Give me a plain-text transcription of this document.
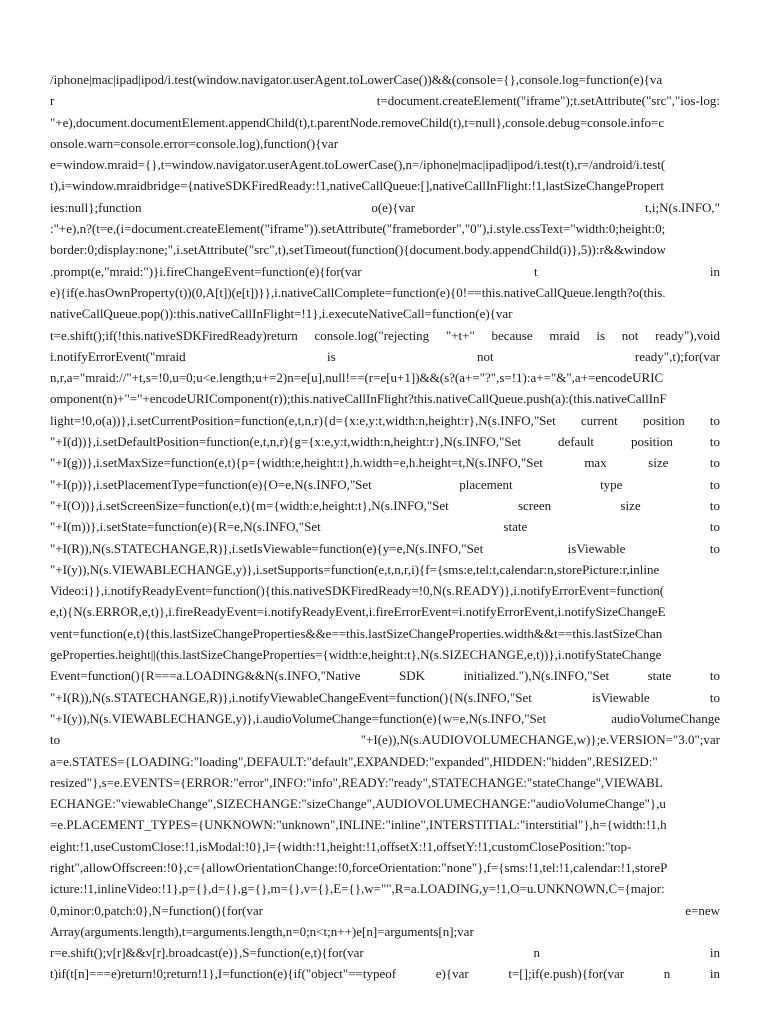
/iphone|mac|ipad|ipod/i.test(window.navigator.userAgent.toLowerCase())&&(console={},console.log=function(e){va
r t=document.createElement("iframe");t.setAttribute("src","ios-log:
"+e),document.documentElement.appendChild(t),t.parentNode.removeChild(t),t=null},console.debug=console.info=c
onsole.warn=console.error=console.log),function(){var
e=window.mraid={},t=window.navigator.userAgent.toLowerCase(),n=/iphone|mac|ipad|ipod/i.test(t),r=/android/i.test(
t),i=window.mraidbridge={nativeSDKFiredReady:!1,nativeCallQueue:[],nativeCallInFlight:!1,lastSizeChangePropert
ies:null};function o(e){var t,i;N(s.INFO,"
:"+e),n?(t=e,(i=document.createElement("iframe")).setAttribute("frameborder","0"),i.style.cssText="width:0;height:0;
border:0;display:none;",i.setAttribute("src",t),setTimeout(function(){document.body.appendChild(i)},5)):r&&window
.prompt(e,"mraid:")}i.fireChangeEvent=function(e){for(var t in
e){if(e.hasOwnProperty(t))(0,A[t])(e[t])}},i.nativeCallComplete=function(e){0!==this.nativeCallQueue.length?o(this.
nativeCallQueue.pop()):this.nativeCallInFlight=!1},i.executeNativeCall=function(e){var
t=e.shift();if(!this.nativeSDKFiredReady)return console.log("rejecting "+t+" because mraid is not ready"),void
i.notifyErrorEvent("mraid is not ready",t);for(var
n,r,a="mraid://"+t,s=!0,u=0;u<e.length;u+=2)n=e[u],null!==(r=e[u+1])&&(s?(a+="?",s=!1):a+="&",a+=encodeURIC
omponent(n)+"="+encodeURIComponent(r));this.nativeCallInFlight?this.nativeCallQueue.push(a):(this.nativeCallInF
light=!0,o(a))},i.setCurrentPosition=function(e,t,n,r){d={x:e,y:t,width:n,height:r},N(s.INFO,"Set current position to
"+I(d))},i.setDefaultPosition=function(e,t,n,r){g={x:e,y:t,width:n,height:r},N(s.INFO,"Set default position to
"+I(g))},i.setMaxSize=function(e,t){p={width:e,height:t},h.width=e,h.height=t,N(s.INFO,"Set max size to
"+I(p))},i.setPlacementType=function(e){O=e,N(s.INFO,"Set placement type to
"+I(O))},i.setScreenSize=function(e,t){m={width:e,height:t},N(s.INFO,"Set screen size to
"+I(m))},i.setState=function(e){R=e,N(s.INFO,"Set state to
"+I(R)),N(s.STATECHANGE,R)},i.setIsViewable=function(e){y=e,N(s.INFO,"Set isViewable to
"+I(y)),N(s.VIEWABLECHANGE,y)},i.setSupports=function(e,t,n,r,i){f={sms:e,tel:t,calendar:n,storePicture:r,inline
Video:i}},i.notifyReadyEvent=function(){this.nativeSDKFiredReady=!0,N(s.READY)},i.notifyErrorEvent=function(
e,t){N(s.ERROR,e,t)},i.fireReadyEvent=i.notifyReadyEvent,i.fireErrorEvent=i.notifyErrorEvent,i.notifySizeChangeE
vent=function(e,t){this.lastSizeChangeProperties&&e==this.lastSizeChangeProperties.width&&t==this.lastSizeChan
geProperties.height||(this.lastSizeChangeProperties={width:e,height:t},N(s.SIZECHANGE,e,t))},i.notifyStateChange
Event=function(){R===a.LOADING&&N(s.INFO,"Native SDK initialized."),N(s.INFO,"Set state to
"+I(R)),N(s.STATECHANGE,R)},i.notifyViewableChangeEvent=function(){N(s.INFO,"Set isViewable to
"+I(y)),N(s.VIEWABLECHANGE,y)},i.audioVolumeChange=function(e){w=e,N(s.INFO,"Set audioVolumeChange
to "+I(e)),N(s.AUDIOVOLUMECHANGE,w)};e.VERSION="3.0";var
a=e.STATES={LOADING:"loading",DEFAULT:"default",EXPANDED:"expanded",HIDDEN:"hidden",RESIZED:"
resized"},s=e.EVENTS={ERROR:"error",INFO:"info",READY:"ready",STATECHANGE:"stateChange",VIEWABL
ECHANGE:"viewableChange",SIZECHANGE:"sizeChange",AUDIOVOLUMECHANGE:"audioVolumeChange"},u
=e.PLACEMENT_TYPES={UNKNOWN:"unknown",INLINE:"inline",INTERSTITIAL:"interstitial"},h={width:!1,h
eight:!1,useCustomClose:!1,isModal:!0},l={width:!1,height:!1,offsetX:!1,offsetY:!1,customClosePosition:"top-
right",allowOffscreen:!0},c={allowOrientationChange:!0,forceOrientation:"none"},f={sms:!1,tel:!1,calendar:!1,storeP
icture:!1,inlineVideo:!1},p={},d={},g={},m={},v={},E={},w="",R=a.LOADING,y=!1,O=u.UNKNOWN,C={major:
0,minor:0,patch:0},N=function(){for(var e=new
Array(arguments.length),t=arguments.length,n=0;n<t;n++)e[n]=arguments[n];var
r=e.shift();v[r]&&v[r].broadcast(e)},S=function(e,t){for(var n in
t)if(t[n]===e)return!0;return!1},I=function(e){if("object"==typeof e){var t=[];if(e.push){for(var n in
